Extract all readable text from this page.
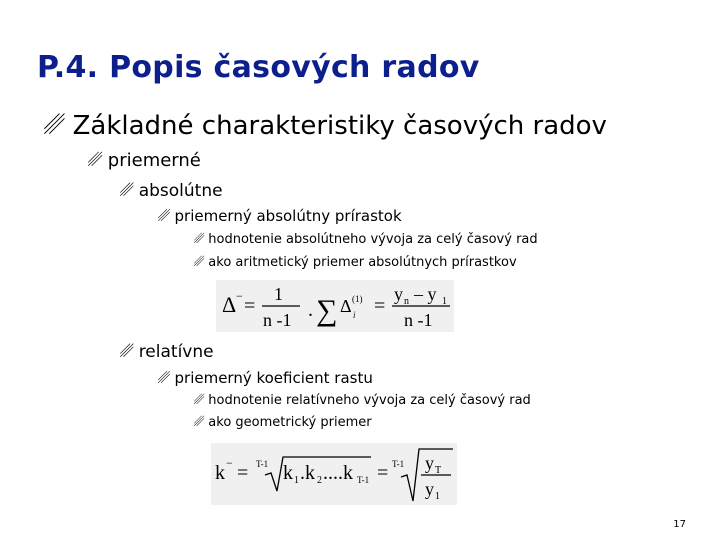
P.4. Popis časových radov
␥ Základné charakteristiky časových radov
␥ priemerné
␥ absolútne
␥ priemerný absolútny prírastok
␥ hodnotenie absolútneho vývoja za celý časový rad
␥ ako aritmetický priemer absolútnych prírastkov
Δ − =
1
n -1 . ∑ Δ (1)
i =
y n – y 1
n -1
␥ relatívne
␥ priemerný koeficient rastu
␥ hodnotenie relatívneho vývoja za celý časový rad
␥ ako geometrický priemer
k − = T-1 k 1 .k 2 ....k T-1 = T-1 y T
y 1
17
